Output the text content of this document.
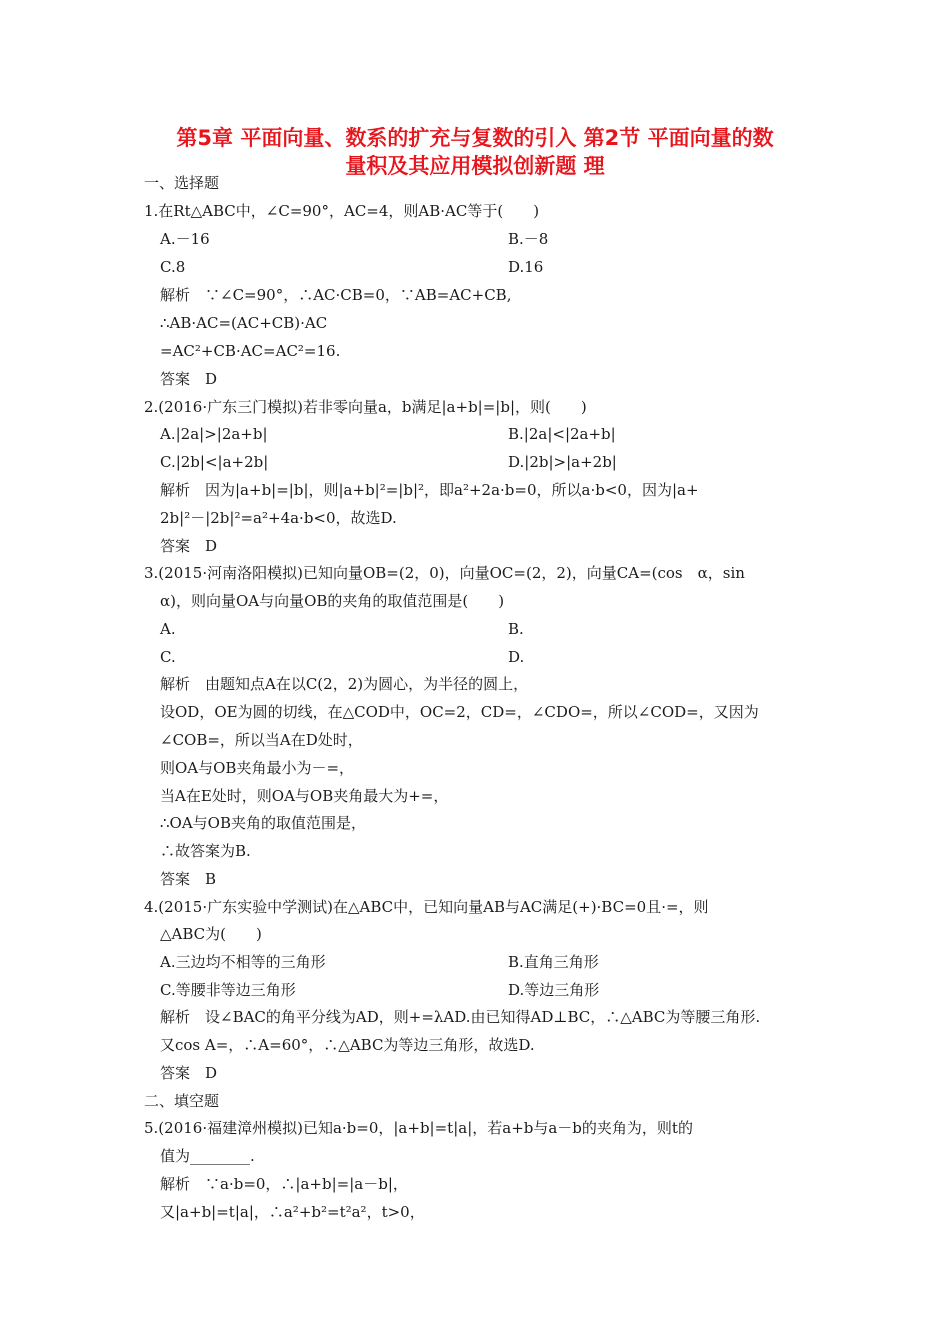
第5章 平面向量、数系的扩充与复数的引入 第2节 平面向量的数
量积及其应用模拟创新题 理
一、选择题
1.在Rt△ABC中，∠C=90°，AC=4，则AB·AC等于(　　)
A.－16	B.－8
C.8	D.16
解析　∵∠C=90°，∴AC·CB=0，∵AB=AC+CB,
∴AB·AC=(AC+CB)·AC
=AC²+CB·AC=AC²=16.
答案　D
2.(2016·广东三门模拟)若非零向量a，b满足|a+b|=|b|，则(　　)
A.|2a|>|2a+b|	B.|2a|<|2a+b|
C.|2b|<|a+2b|	D.|2b|>|a+2b|
解析　因为|a+b|=|b|，则|a+b|²=|b|²，即a²+2a·b=0，所以a·b<0，因为|a+
2b|²－|2b|²=a²+4a·b<0，故选D.
答案　D
3.(2015·河南洛阳模拟)已知向量OB=(2，0)，向量OC=(2，2)，向量CA=(cos　α，sin
α)，则向量OA与向量OB的夹角的取值范围是(　　)
A.	B.
C.	D.
解析　由题知点A在以C(2，2)为圆心，为半径的圆上，
设OD，OE为圆的切线，在△COD中，OC=2，CD=，∠CDO=，所以∠COD=，又因为
∠COB=，所以当A在D处时，
则OA与OB夹角最小为－=，
当A在E处时，则OA与OB夹角最大为+=，
∴OA与OB夹角的取值范围是，
∴故答案为B.
答案　B
4.(2015·广东实验中学测试)在△ABC中，已知向量AB与AC满足(+)·BC=0且·=，则
△ABC为(　　)
A.三边均不相等的三角形	B.直角三角形
C.等腰非等边三角形	D.等边三角形
解析　设∠BAC的角平分线为AD，则+=λAD.由已知得AD⊥BC，∴△ABC为等腰三角形.
又cos A=，∴A=60°，∴△ABC为等边三角形，故选D.
答案　D
二、填空题
5.(2016·福建漳州模拟)已知a·b=0，|a+b|=t|a|，若a+b与a－b的夹角为，则t的
值为________.
解析　∵a·b=0，∴|a+b|=|a－b|，
又|a+b|=t|a|，∴a²+b²=t²a²，t>0，
